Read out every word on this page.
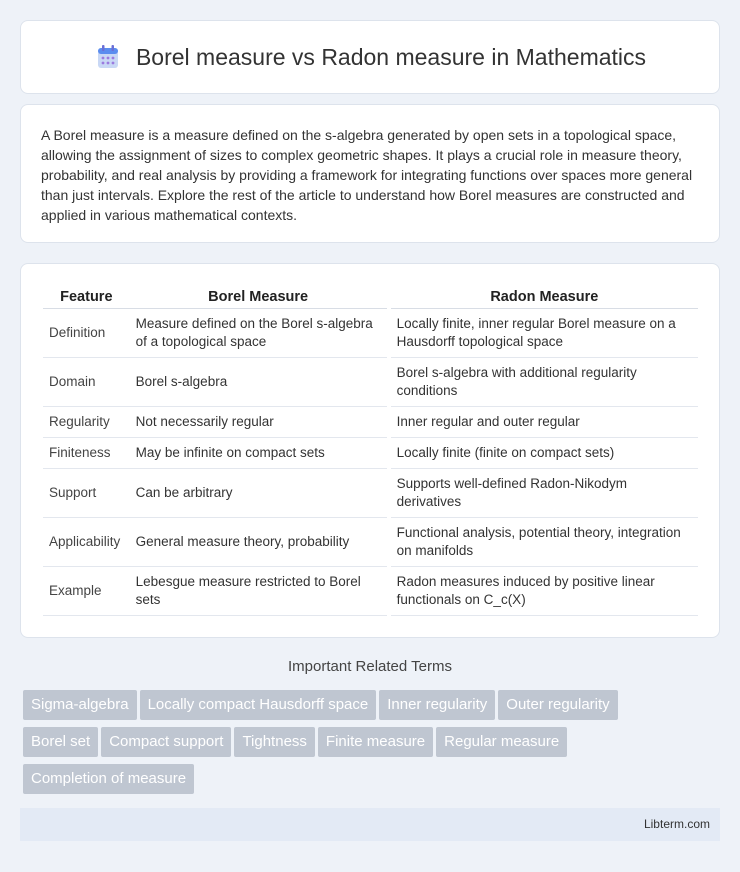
Borel measure vs Radon measure in Mathematics

A Borel measure is a measure defined on the s-algebra generated by open sets in a topological space, allowing the assignment of sizes to complex geometric shapes. It plays a crucial role in measure theory, probability, and real analysis by providing a framework for integrating functions over spaces more general than just intervals. Explore the rest of the article to understand how Borel measures are constructed and applied in various mathematical contexts.

Feature	Borel Measure		Radon Measure
Definition	Measure defined on the Borel s-algebra of a topological space		Locally finite, inner regular Borel measure on a Hausdorff topological space
Domain	Borel s-algebra		Borel s-algebra with additional regularity conditions
Regularity	Not necessarily regular		Inner regular and outer regular
Finiteness	May be infinite on compact sets		Locally finite (finite on compact sets)
Support	Can be arbitrary		Supports well-defined Radon-Nikodym derivatives
Applicability	General measure theory, probability		Functional analysis, potential theory, integration on manifolds
Example	Lebesgue measure restricted to Borel sets		Radon measures induced by positive linear functionals on C_c(X)
Important Related Terms
Sigma-algebra Locally compact Hausdorff space Inner regularity Outer regularity
Borel set Compact support Tightness Finite measure Regular measure
Completion of measure
Libterm.com
